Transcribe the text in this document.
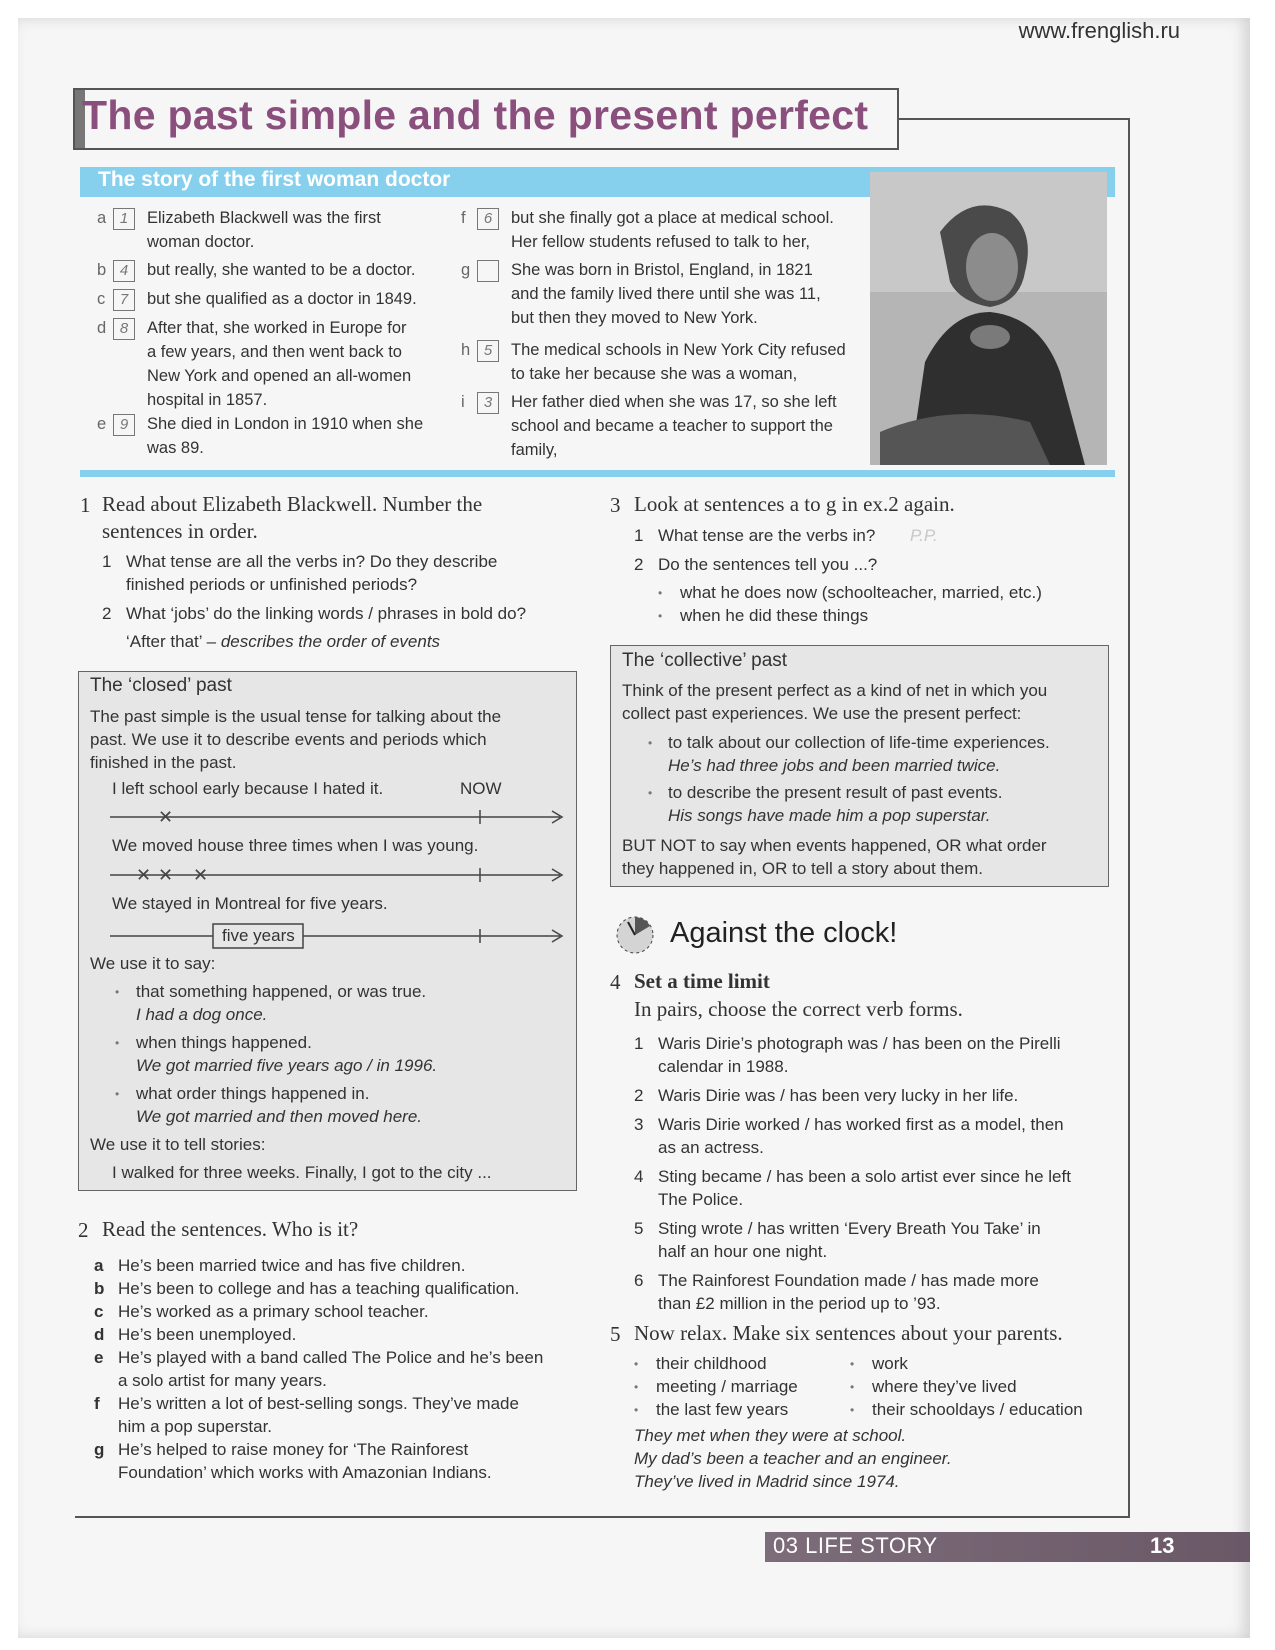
www.frenglish.ru
The past simple and the present perfect
The story of the first woman doctor
a 1	Elizabeth Blackwell was the first
woman doctor.
b 4	but really, she wanted to be a doctor.
c 7	but she qualified as a doctor in 1849.
d 8	After that, she worked in Europe for
a few years, and then went back to
New York and opened an all-women
hospital in 1857.
e 9	She died in London in 1910 when she
was 89.
f	6	but she finally got a place at medical school.
Her fellow students refused to talk to her,
g She was born in Bristol, England, in 1821
and the family lived there until she was 11,
but then they moved to New York.
h 5	The medical schools in New York City refused
to take her because she was a woman,
i	3	Her father died when she was 17, so she left
school and became a teacher to support the
family,
1 Read about Elizabeth Blackwell. Number the
sentences in order.
1 What tense are all the verbs in? Do they describe
finished periods or unfinished periods?
2 What ‘jobs’ do the linking words / phrases in bold do?
‘After that’ – describes the order of events
The ‘closed’ past
The past simple is the usual tense for talking about the
past. We use it to describe events and periods which
finished in the past.
I left school early because I hated it.	NOW
✕
We moved house three times when I was young.
✕ ✕ ✕
We stayed in Montreal for five years.
five years
We use it to say:
• that something happened, or was true.
I had a dog once.
• when things happened.
We got married five years ago / in 1996.
• what order things happened in.
We got married and then moved here.
We use it to tell stories:
I walked for three weeks. Finally, I got to the city ...
2 Read the sentences. Who is it?
a He’s been married twice and has five children.
b He’s been to college and has a teaching qualification.
c He’s worked as a primary school teacher.
d He’s been unemployed.
e He’s played with a band called The Police and he’s been
a solo artist for many years.
f He’s written a lot of best-selling songs. They’ve made
him a pop superstar.
g He’s helped to raise money for ‘The Rainforest
Foundation’ which works with Amazonian Indians.
3 Look at sentences a to g in ex.2 again.
1 What tense are the verbs in? P.P.
2 Do the sentences tell you ...?
• what he does now (schoolteacher, married, etc.)
• when he did these things
The ‘collective’ past
Think of the present perfect as a kind of net in which you
collect past experiences. We use the present perfect:
• to talk about our collection of life-time experiences.
He’s had three jobs and been married twice.
• to describe the present result of past events.
His songs have made him a pop superstar.
BUT NOT to say when events happened, OR what order
they happened in, OR to tell a story about them.
Against the clock!
4 Set a time limit
In pairs, choose the correct verb forms.
1 Waris Dirie’s photograph was / has been on the Pirelli
calendar in 1988.
2 Waris Dirie was / has been very lucky in her life.
3 Waris Dirie worked / has worked first as a model, then
as an actress.
4 Sting became / has been a solo artist ever since he left
The Police.
5 Sting wrote / has written ‘Every Breath You Take’ in
half an hour one night.
6 The Rainforest Foundation made / has made more
than £2 million in the period up to ’93.
5 Now relax. Make six sentences about your parents.
• their childhood
• meeting / marriage
• the last few years
• work
• where they’ve lived
• their schooldays / education
They met when they were at school.
My dad’s been a teacher and an engineer.
They’ve lived in Madrid since 1974.
03 LIFE STORY	13
